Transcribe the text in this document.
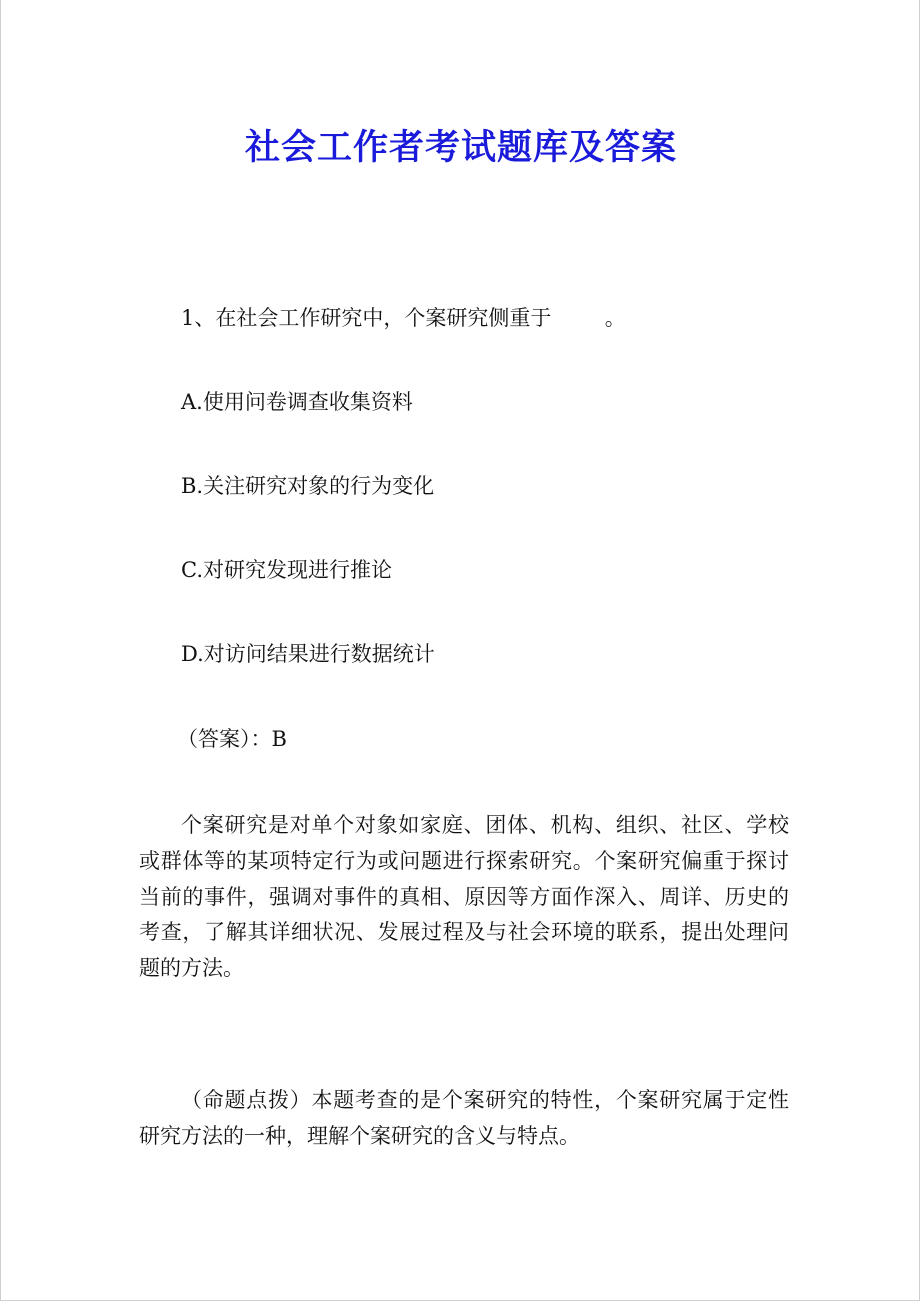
社会工作者考试题库及答案
1、在社会工作研究中，个案研究侧重于        。
A.使用问卷调查收集资料
B.关注研究对象的行为变化
C.对研究发现进行推论
D.对访问结果进行数据统计
（答案）：B
个案研究是对单个对象如家庭、团体、机构、组织、社区、学校或群体等的某项特定行为或问题进行探索研究。个案研究偏重于探讨当前的事件，强调对事件的真相、原因等方面作深入、周详、历史的考查，了解其详细状况、发展过程及与社会环境的联系，提出处理问题的方法。
（命题点拨）本题考查的是个案研究的特性，个案研究属于定性研究方法的一种，理解个案研究的含义与特点。
